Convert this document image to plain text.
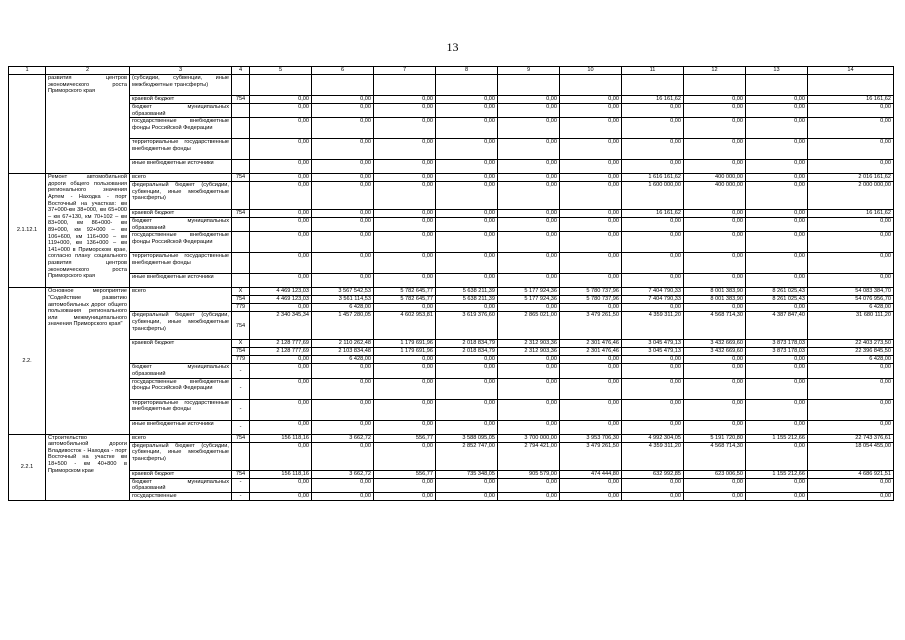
13
1	2	3	4	5	6	7	8	9	10	11	12	13	14
	развития центров экономического роста Приморского края	(субсидии, субвенции, иные межбюджетные трансферты)											
		краевой бюджет	754	0,00	0,00	0,00	0,00	0,00	0,00	16 161,62	0,00	0,00	16 161,62
		бюджет муниципальных образований		0,00	0,00	0,00	0,00	0,00	0,00	0,00	0,00	0,00	0,00
		государственные внебюджетные фонды Российской Федерации		0,00	0,00	0,00	0,00	0,00	0,00	0,00	0,00	0,00	0,00
		территориальные государственные внебюджетные фонды		0,00	0,00	0,00	0,00	0,00	0,00	0,00	0,00	0,00	0,00
		иные внебюджетные источники		0,00	0,00	0,00	0,00	0,00	0,00	0,00	0,00	0,00	0,00
2.1.12.1	Ремонт автомобильной дороги общего пользования регионального значения Артем - Находка - порт Восточный на участках: км 37+000-км 38+000, км 65+000 – км 67+130, км 70+102 – км 83+000, км 86+000- км 89+000, км 92+000 – км 106+600, км 116+000 – км 119+000, км 136+000 – км 141+000 в Приморском крае, согласно плану социального развития центров экономического роста Приморского края	всего	754	0,00	0,00	0,00	0,00	0,00	0,00	1 616 161,62	400 000,00	0,00	2 016 161,62
		федеральный бюджет (субсидии, субвенции, иные межбюджетные трансферты)		0,00	0,00	0,00	0,00	0,00	0,00	1 600 000,00	400 000,00	0,00	2 000 000,00
		краевой бюджет	754	0,00	0,00	0,00	0,00	0,00	0,00	16 161,62	0,00	0,00	16 161,62
		бюджет муниципальных образований		0,00	0,00	0,00	0,00	0,00	0,00	0,00	0,00	0,00	0,00
		государственные внебюджетные фонды Российской Федерации		0,00	0,00	0,00	0,00	0,00	0,00	0,00	0,00	0,00	0,00
		территориальные государственные внебюджетные фонды		0,00	0,00	0,00	0,00	0,00	0,00	0,00	0,00	0,00	0,00
		иные внебюджетные источники		0,00	0,00	0,00	0,00	0,00	0,00	0,00	0,00	0,00	0,00
2.2.	Основное мероприятие "Содействие развитию автомобильных дорог общего пользования регионального или межмуниципального значения Приморского края"	всего	X	4 469 123,03	3 567 542,53	5 782 645,77	5 638 211,39	5 177 924,36	5 780 737,96	7 404 790,33	8 001 383,90	8 261 025,43	54 083 384,70
			754	4 469 123,03	3 561 114,53	5 782 645,77	5 638 211,39	5 177 924,36	5 780 737,96	7 404 790,33	8 001 383,90	8 261 025,43	54 076 956,70
			779	0,00	6 428,00	0,00	0,00	0,00	0,00	0,00	0,00	0,00	6 428,00
		федеральный бюджет (субсидии, субвенции, иные межбюджетные трансферты)	754	2 340 345,34	1 457 280,05	4 602 953,81	3 619 376,60	2 865 021,00	3 479 261,50	4 359 311,20	4 568 714,30	4 387 847,40	31 680 111,20
		краевой бюджет	X	2 128 777,69	2 110 262,48	1 179 691,96	2 018 834,79	2 312 903,36	2 301 476,46	3 045 479,13	3 432 669,60	3 873 178,03	22 403 273,50
			754	2 128 777,69	2 103 834,48	1 179 691,96	2 018 834,79	2 312 903,36	2 301 476,46	3 045 479,13	3 432 669,60	3 873 178,03	22 396 845,50
			779	0,00	6 428,00	0,00	0,00	0,00	0,00	0,00	0,00	0,00	6 428,00
		бюджет муниципальных образований	-	0,00	0,00	0,00	0,00	0,00	0,00	0,00	0,00	0,00	0,00
		государственные внебюджетные фонды Российской Федерации	-	0,00	0,00	0,00	0,00	0,00	0,00	0,00	0,00	0,00	0,00
		территориальные государственные внебюджетные фонды	-	0,00	0,00	0,00	0,00	0,00	0,00	0,00	0,00	0,00	0,00
		иные внебюджетные источники	-	0,00	0,00	0,00	0,00	0,00	0,00	0,00	0,00	0,00	0,00
2.2.1	Строительство автомобильной дороги Владивосток - Находка - порт Восточный на участке км 18+500 - км 40+800 в Приморском крае	всего	754	156 118,16	3 662,72	556,77	3 588 095,05	3 700 000,00	3 953 706,30	4 992 304,05	5 191 720,80	1 155 212,66	22 743 376,61
		федеральный бюджет (субсидии, субвенции, иные межбюджетные трансферты)		0,00	0,00	0,00	2 852 747,00	2 794 421,00	3 479 261,50	4 359 311,20	4 568 714,30	0,00	18 054 455,00
		краевой бюджет	754	156 118,16	3 662,72	556,77	735 348,05	905 579,00	474 444,80	632 992,85	623 006,50	1 155 212,66	4 686 921,51
		бюджет муниципальных образований	-	0,00	0,00	0,00	0,00	0,00	0,00	0,00	0,00	0,00	0,00
		государственные	-	0,00	0,00	0,00	0,00	0,00	0,00	0,00	0,00	0,00	0,00
